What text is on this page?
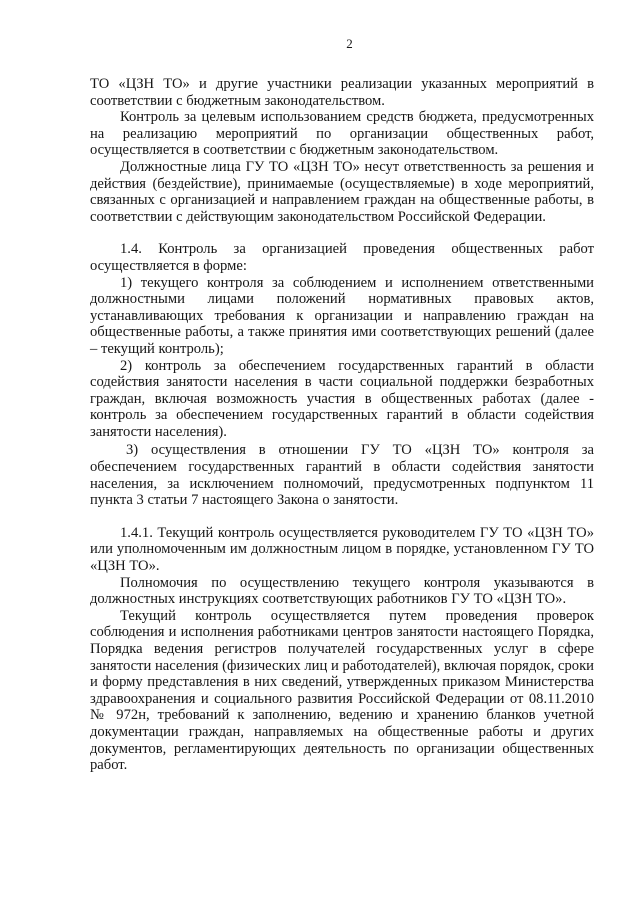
2

ТО «ЦЗН ТО» и другие участники реализации указанных мероприятий в соответствии с бюджетным законодательством.

Контроль за целевым использованием средств бюджета, предусмотренных на реализацию мероприятий по организации общественных работ, осуществляется в соответствии с бюджетным законодательством.

Должностные лица ГУ ТО «ЦЗН ТО» несут ответственность за решения и действия (бездействие), принимаемые (осуществляемые) в ходе мероприятий, связанных с организацией и направлением граждан на общественные работы, в соответствии с действующим законодательством Российской Федерации.

1.4. Контроль за организацией проведения общественных работ осуществляется в форме:

1) текущего контроля за соблюдением и исполнением ответственными должностными лицами положений нормативных правовых актов, устанавливающих требования к организации и направлению граждан на общественные работы, а также принятия ими соответствующих решений (далее – текущий контроль);

2) контроль за обеспечением государственных гарантий в области содействия занятости населения в части социальной поддержки безработных граждан, включая возможность участия в общественных работах (далее - контроль за обеспечением государственных гарантий в области содействия занятости населения).

3) осуществления в отношении ГУ ТО «ЦЗН ТО» контроля за обеспечением государственных гарантий в области содействия занятости населения, за исключением полномочий, предусмотренных подпунктом 11 пункта 3 статьи 7 настоящего Закона о занятости.

1.4.1. Текущий контроль осуществляется руководителем ГУ ТО «ЦЗН ТО» или уполномоченным им должностным лицом в порядке, установленном ГУ ТО «ЦЗН ТО».

Полномочия по осуществлению текущего контроля указываются в должностных инструкциях соответствующих работников ГУ ТО «ЦЗН ТО».

Текущий контроль осуществляется путем проведения проверок соблюдения и исполнения работниками центров занятости настоящего Порядка, Порядка ведения регистров получателей государственных услуг в сфере занятости населения (физических лиц и работодателей), включая порядок, сроки и форму представления в них сведений, утвержденных приказом Министерства здравоохранения и социального развития Российской Федерации от 08.11.2010 № 972н, требований к заполнению, ведению и хранению бланков учетной документации граждан, направляемых на общественные работы и других документов, регламентирующих деятельность по организации общественных работ.
